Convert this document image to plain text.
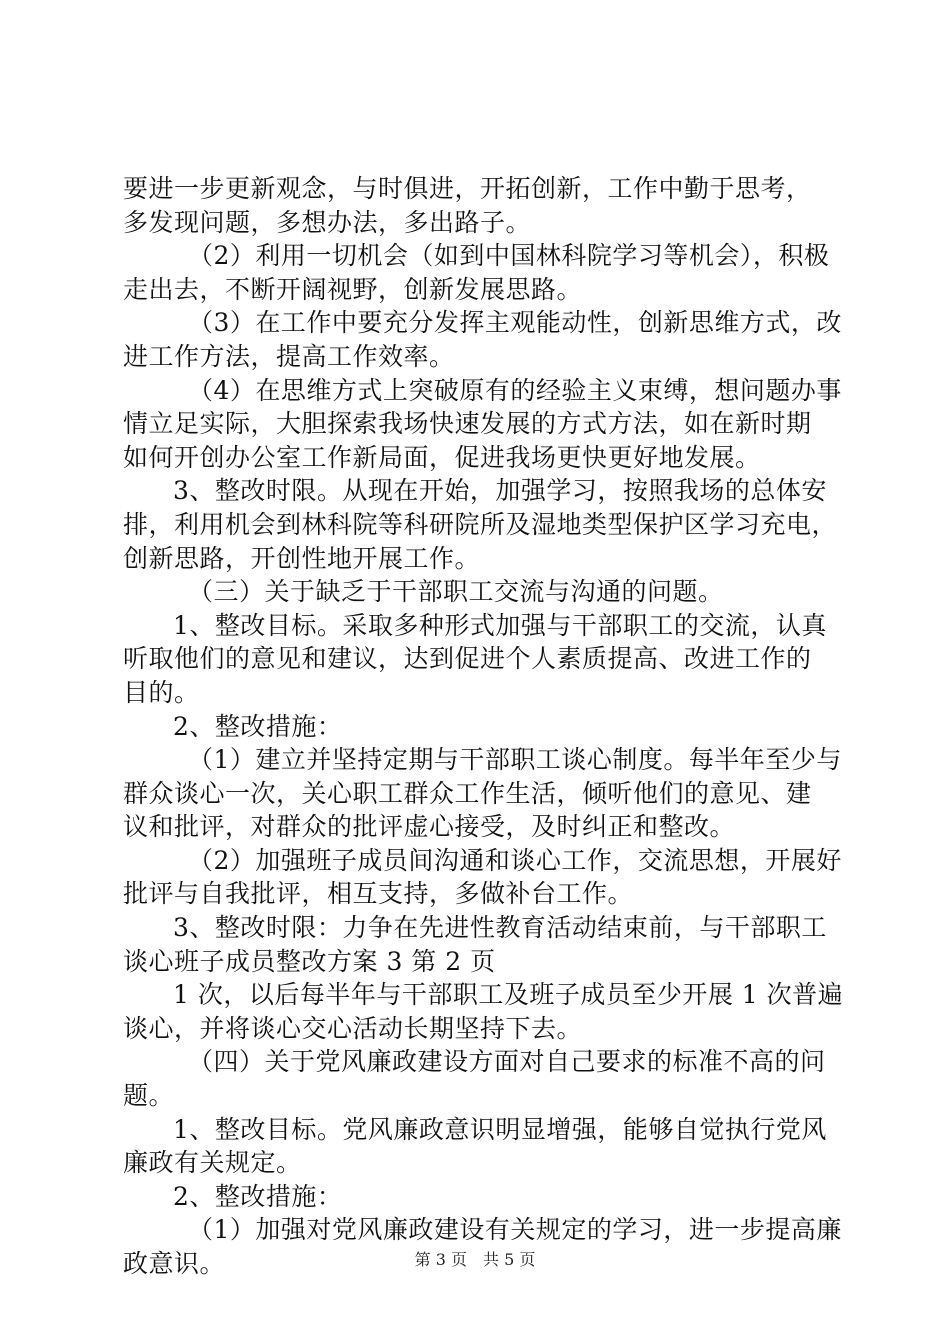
要进一步更新观念，与时俱进，开拓创新，工作中勤于思考，
多发现问题，多想办法，多出路子。
（2）利用一切机会（如到中国林科院学习等机会），积极
走出去，不断开阔视野，创新发展思路。
（3）在工作中要充分发挥主观能动性，创新思维方式，改
进工作方法，提高工作效率。
（4）在思维方式上突破原有的经验主义束缚，想问题办事
情立足实际，大胆探索我场快速发展的方式方法，如在新时期
如何开创办公室工作新局面，促进我场更快更好地发展。
3、整改时限。从现在开始，加强学习，按照我场的总体安
排，利用机会到林科院等科研院所及湿地类型保护区学习充电，
创新思路，开创性地开展工作。
（三）关于缺乏于干部职工交流与沟通的问题。
1、整改目标。采取多种形式加强与干部职工的交流，认真
听取他们的意见和建议，达到促进个人素质提高、改进工作的
目的。
2、整改措施：
（1）建立并坚持定期与干部职工谈心制度。每半年至少与
群众谈心一次，关心职工群众工作生活，倾听他们的意见、建
议和批评，对群众的批评虚心接受，及时纠正和整改。
（2）加强班子成员间沟通和谈心工作，交流思想，开展好
批评与自我批评，相互支持，多做补台工作。
3、整改时限：力争在先进性教育活动结束前，与干部职工
谈心班子成员整改方案 3 第 2 页
1 次，以后每半年与干部职工及班子成员至少开展 1 次普遍
谈心，并将谈心交心活动长期坚持下去。
（四）关于党风廉政建设方面对自己要求的标准不高的问
题。
1、整改目标。党风廉政意识明显增强，能够自觉执行党风
廉政有关规定。
2、整改措施：
（1）加强对党风廉政建设有关规定的学习，进一步提高廉
政意识。	第 3 页　共 5 页
